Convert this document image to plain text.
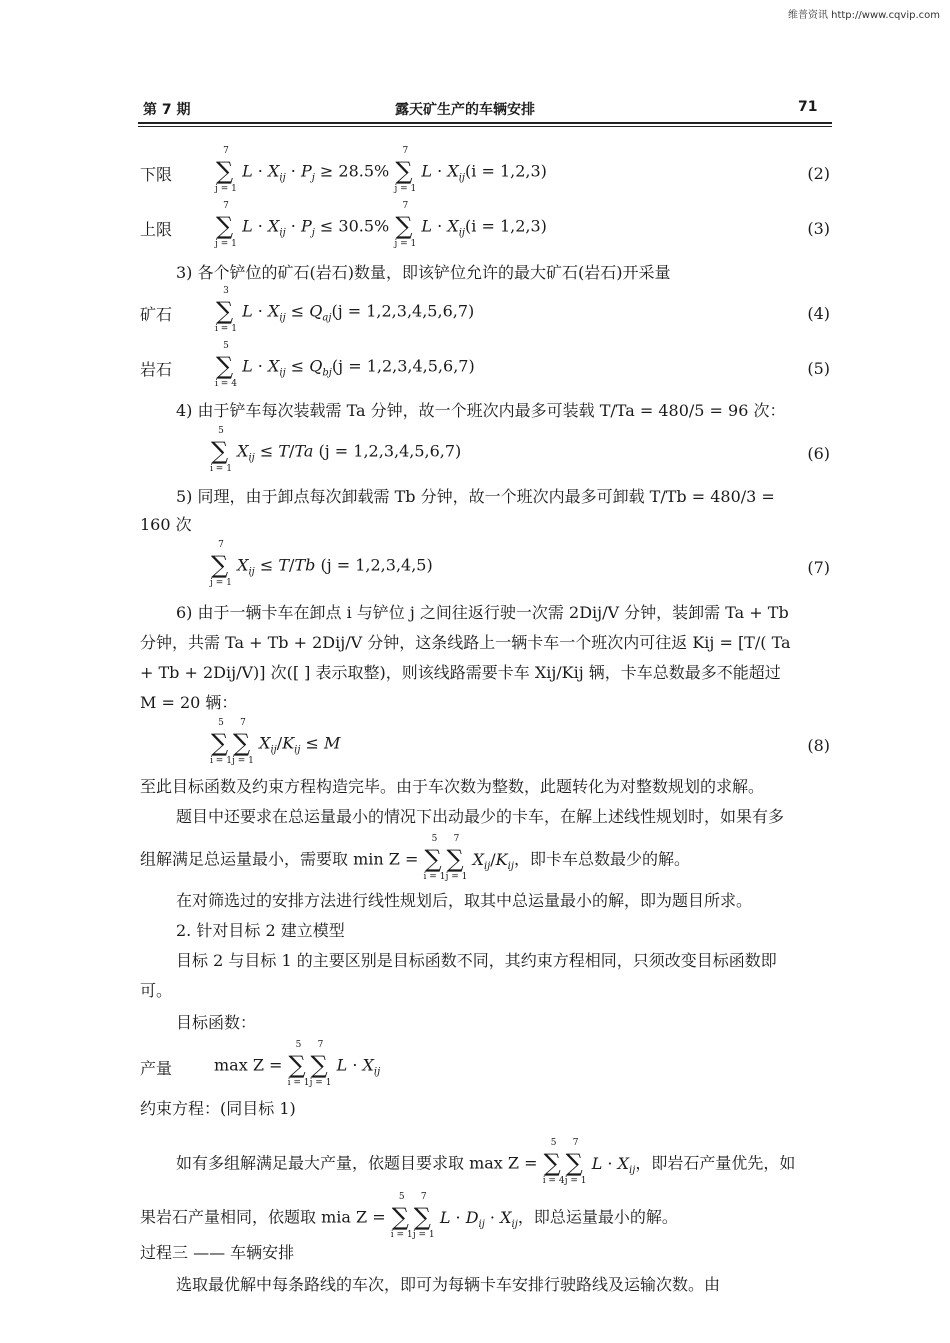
维普资讯 http://www.cqvip.com
第 7 期	露天矿生产的车辆安排	71
下限
7
∑
j = 1
$L \cdot X_{ij} \cdot P_j \ge 28.5\%$
7
∑
j = 1
$L \cdot X_{ij}(i = 1,2,3)$	(2)
上限
7
∑
j = 1
$L \cdot X_{ij} \cdot P_j \le 30.5\%$
7
∑
j = 1
$L \cdot X_{ij}(i = 1,2,3)$	(3)
3) 各个铲位的矿石(岩石)数量，即该铲位允许的最大矿石(岩石)开采量
矿石
3
∑
i = 1
$L \cdot X_{ij} \le Q_{aj}(j = 1,2,3,4,5,6,7)$	(4)
岩石
5
∑
i = 4
$L \cdot X_{ij} \le Q_{bj}(j = 1,2,3,4,5,6,7)$	(5)
4) 由于铲车每次装载需 Ta 分钟，故一个班次内最多可装载 T/Ta = 480/5 = 96 次：
5
∑
i = 1
$X_{ij} \le T/Ta$ (j = 1,2,3,4,5,6,7)	(6)
5) 同理，由于卸点每次卸载需 Tb 分钟，故一个班次内最多可卸载 T/Tb = 480/3 =
160 次
7
∑
j = 1
$X_{ij} \le T/Tb$ (j = 1,2,3,4,5)	(7)
6) 由于一辆卡车在卸点 i 与铲位 j 之间往返行驶一次需 2Dij/V 分钟，装卸需 Ta + Tb
分钟，共需 Ta + Tb + 2Dij/V 分钟，这条线路上一辆卡车一个班次内可往返 Kij = [T/( Ta
+ Tb + 2Dij/V)] 次([ ] 表示取整)，则该线路需要卡车 Xij/Kij 辆，卡车总数最多不能超过
M = 20 辆：
5
∑
i = 1
7
∑
j = 1
$X_{ij}/K_{ij} \le M$	(8)
至此目标函数及约束方程构造完毕。由于车次数为整数，此题转化为对整数规划的求解。
题目中还要求在总运量最小的情况下出动最少的卡车，在解上述线性规划时，如果有多
组解满足总运量最小，需要取 min Z =
5
∑
i = 1
7
∑
j = 1
$X_{ij}/K_{ij}$，即卡车总数最少的解。
在对筛选过的安排方法进行线性规划后，取其中总运量最小的解，即为题目所求。
2. 针对目标 2 建立模型
目标 2 与目标 1 的主要区别是目标函数不同，其约束方程相同，只须改变目标函数即
可。
目标函数：
产量	max Z =
5
∑
i = 1
7
∑
j = 1
$L \cdot X_{ij}$
约束方程：(同目标 1)
如有多组解满足最大产量，依题目要求取 max Z =
5
∑
i = 4
7
∑
j = 1
$L \cdot X_{ij}$，即岩石产量优先，如
果岩石产量相同，依题取 mia Z =
5
∑
i = 1
7
∑
j = 1
$L \cdot D_{ij} \cdot X_{ij}$，即总运量最小的解。
过程三 —— 车辆安排
选取最优解中每条路线的车次，即可为每辆卡车安排行驶路线及运输次数。由
